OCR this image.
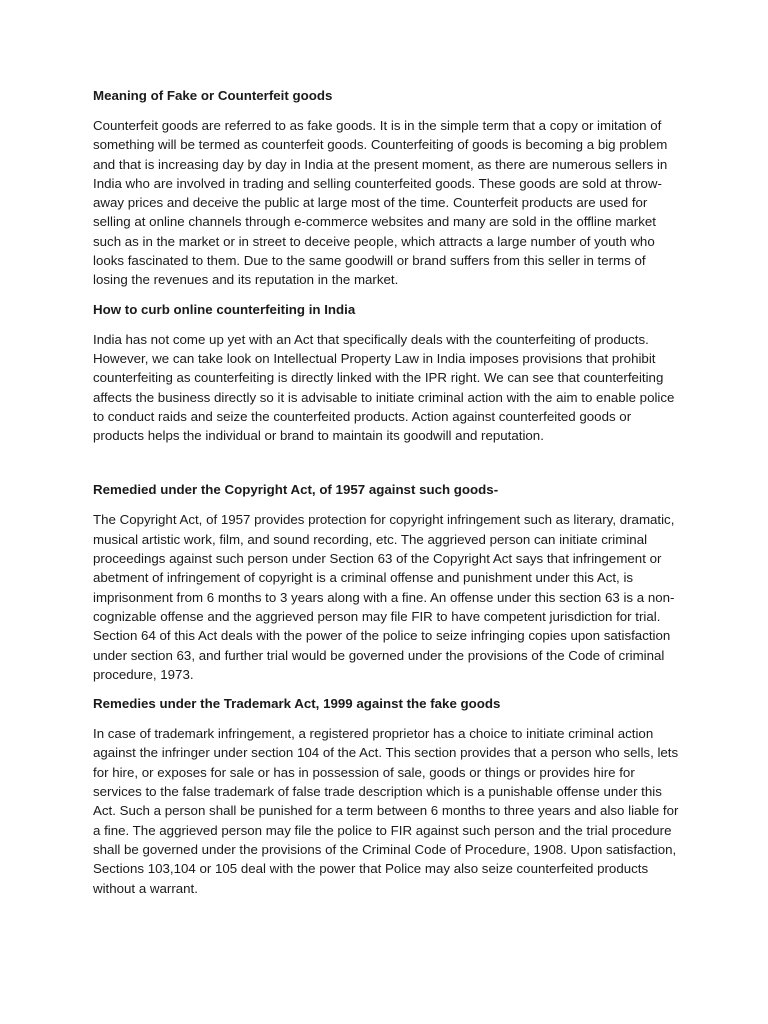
Meaning of Fake or Counterfeit goods

Counterfeit goods are referred to as fake goods. It is in the simple term that a copy or imitation of something will be termed as counterfeit goods. Counterfeiting of goods is becoming a big problem and that is increasing day by day in India at the present moment, as there are numerous sellers in India who are involved in trading and selling counterfeited goods. These goods are sold at throw-away prices and deceive the public at large most of the time. Counterfeit products are used for selling at online channels through e-commerce websites and many are sold in the offline market such as in the market or in street to deceive people, which attracts a large number of youth who looks fascinated to them. Due to the same goodwill or brand suffers from this seller in terms of losing the revenues and its reputation in the market.

How to curb online counterfeiting in India

India has not come up yet with an Act that specifically deals with the counterfeiting of products. However, we can take look on Intellectual Property Law in India imposes provisions that prohibit counterfeiting as counterfeiting is directly linked with the IPR right. We can see that counterfeiting affects the business directly so it is advisable to initiate criminal action with the aim to enable police to conduct raids and seize the counterfeited products. Action against counterfeited goods or products helps the individual or brand to maintain its goodwill and reputation.

Remedied under the Copyright Act, of 1957 against such goods-

The Copyright Act, of 1957 provides protection for copyright infringement such as literary, dramatic, musical artistic work, film, and sound recording, etc. The aggrieved person can initiate criminal proceedings against such person under Section 63 of the Copyright Act says that infringement or abetment of infringement of copyright is a criminal offense and punishment under this Act, is imprisonment from 6 months to 3 years along with a fine. An offense under this section 63 is a non-cognizable offense and the aggrieved person may file FIR to have competent jurisdiction for trial. Section 64 of this Act deals with the power of the police to seize infringing copies upon satisfaction under section 63, and further trial would be governed under the provisions of the Code of criminal procedure, 1973.

Remedies under the Trademark Act, 1999 against the fake goods

In case of trademark infringement, a registered proprietor has a choice to initiate criminal action against the infringer under section 104 of the Act. This section provides that a person who sells, lets for hire, or exposes for sale or has in possession of sale, goods or things or provides hire for services to the false trademark of false trade description which is a punishable offense under this Act. Such a person shall be punished for a term between 6 months to three years and also liable for a fine. The aggrieved person may file the police to FIR against such person and the trial procedure shall be governed under the provisions of the Criminal Code of Procedure, 1908. Upon satisfaction, Sections 103,104 or 105 deal with the power that Police may also seize counterfeited products without a warrant.
